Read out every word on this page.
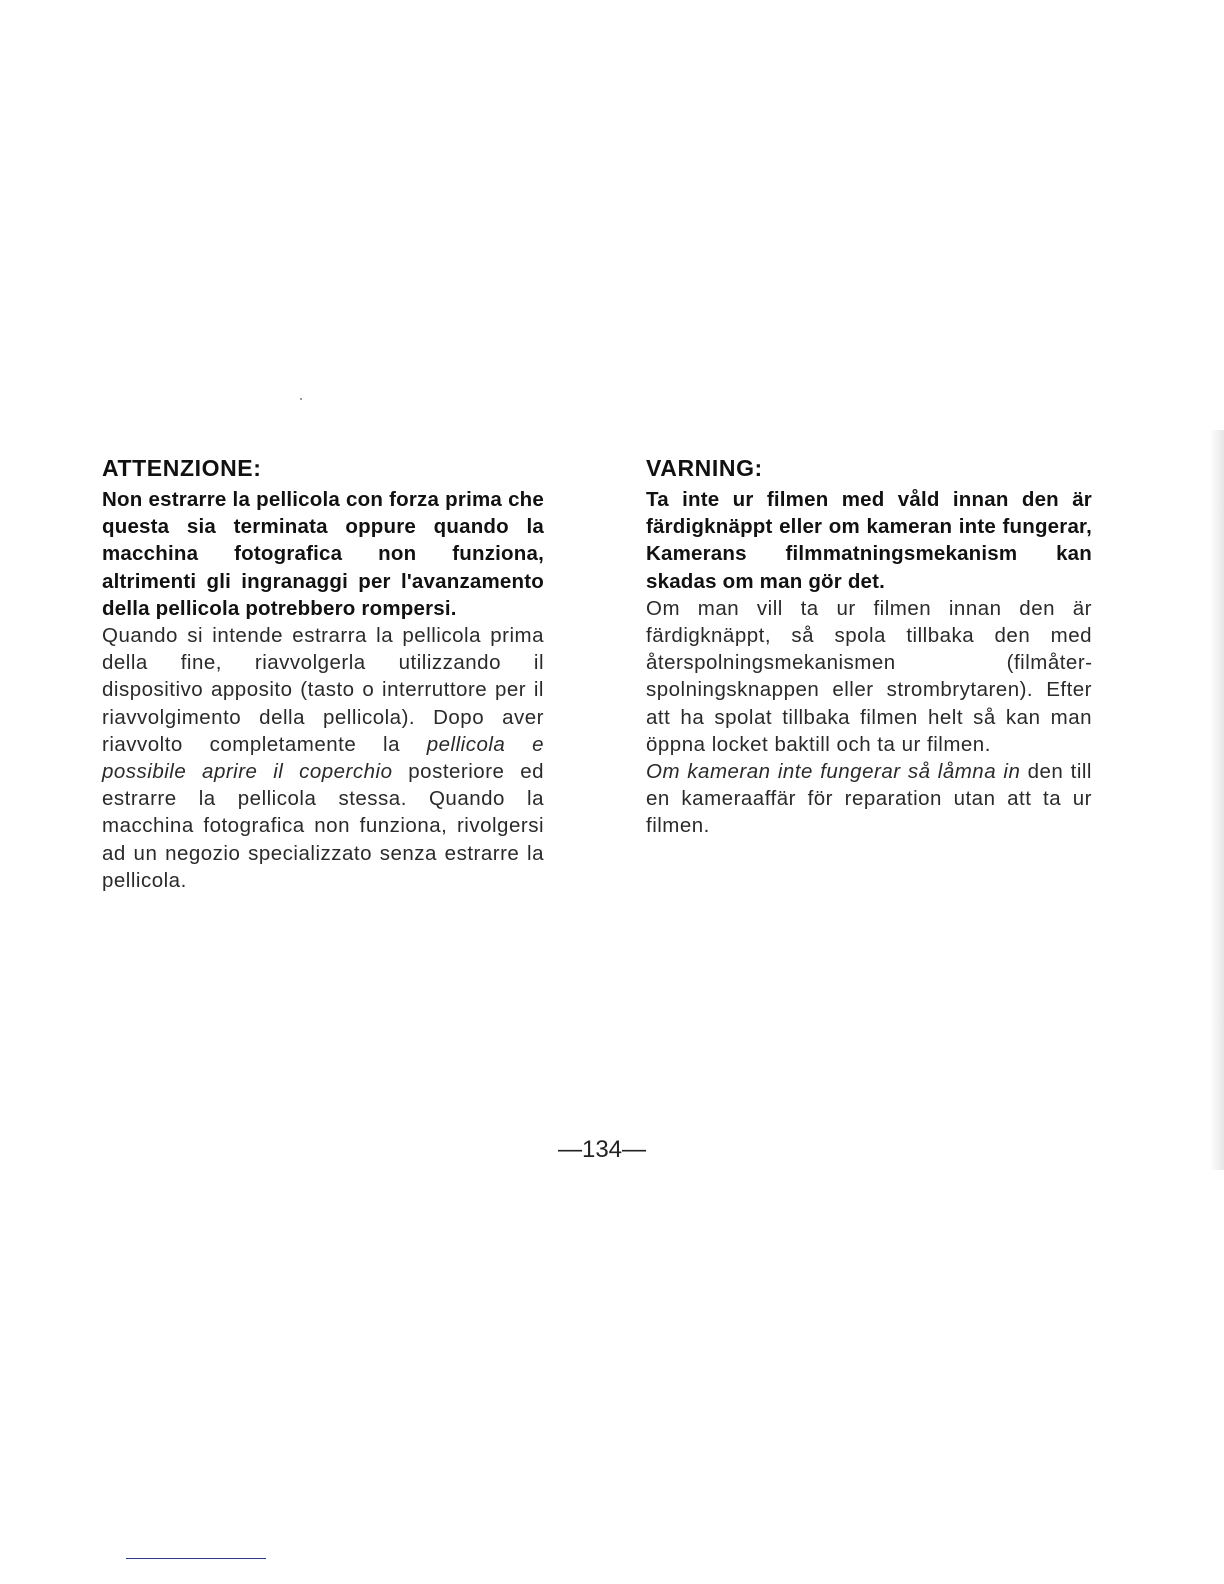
ATTENZIONE:

Non estrarre la pellicola con forza prima che questa sia terminata oppure quando la macchina fotografica non funziona, altrimenti gli ingranaggi per l'avanzamento della pellicola potrebbero rompersi.

Quando si intende estrarra la pellicola prima della fine, riavvolgerla utilizzando il dispositivo apposito (tasto o interruttore per il riavvolgimento della pellicola). Dopo aver riavvolto completamente la pellicola e possibile aprire il coperchio posteriore ed estrarre la pellicola stessa. Quando la macchina fotografica non funziona, rivolgersi ad un negozio specializzato senza estrarre la pellicola.

VARNING:

Ta inte ur filmen med våld innan den är färdigknäppt eller om kameran inte fungerar, Kamerans filmmatningsmekanism kan skadas om man gör det.

Om man vill ta ur filmen innan den är färdigknäppt, så spola tillbaka den med återspolningsmekanismen (filmåterspolningsknappen eller strombrytaren). Efter att ha spolat tillbaka filmen helt så kan man öppna locket baktill och ta ur filmen.

Om kameran inte fungerar så låmna in den till en kameraaffär för reparation utan att ta ur filmen.

—134—
